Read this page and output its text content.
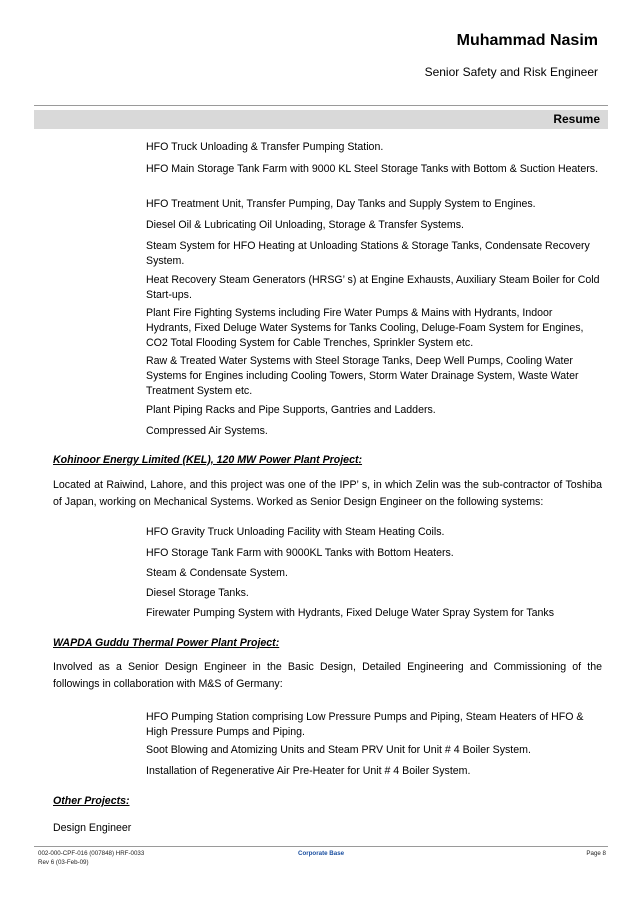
Muhammad Nasim
Senior Safety and Risk Engineer
Resume
HFO Truck Unloading & Transfer Pumping Station.
HFO Main Storage Tank Farm with 9000 KL Steel Storage Tanks with Bottom & Suction Heaters.
HFO Treatment Unit, Transfer Pumping, Day Tanks and Supply System to Engines.
Diesel Oil & Lubricating Oil Unloading, Storage & Transfer Systems.
Steam System for HFO Heating at Unloading Stations & Storage Tanks, Condensate Recovery System.
Heat Recovery Steam Generators (HRSG’ s) at Engine Exhausts, Auxiliary Steam Boiler for Cold Start-ups.
Plant Fire Fighting Systems including Fire Water Pumps & Mains with Hydrants, Indoor Hydrants, Fixed Deluge Water Systems for Tanks Cooling, Deluge-Foam System for Engines, CO2 Total Flooding System for Cable Trenches, Sprinkler System etc.
Raw & Treated Water Systems with Steel Storage Tanks, Deep Well Pumps, Cooling Water Systems for Engines including Cooling Towers, Storm Water Drainage System, Waste Water Treatment System etc.
Plant Piping Racks and Pipe Supports, Gantries and Ladders.
Compressed Air Systems.
Kohinoor Energy Limited (KEL), 120 MW Power Plant Project:
Located at Raiwind, Lahore, and this project was one of the IPP’ s, in which Zelin was the sub-contractor of Toshiba of Japan, working on Mechanical Systems. Worked as Senior Design Engineer on the following systems:
HFO Gravity Truck Unloading Facility with Steam Heating Coils.
HFO Storage Tank Farm with 9000KL Tanks with Bottom Heaters.
Steam & Condensate System.
Diesel Storage Tanks.
Firewater Pumping System with Hydrants, Fixed Deluge Water Spray System for Tanks
WAPDA Guddu Thermal Power Plant Project:
Involved as a Senior Design Engineer in the Basic Design, Detailed Engineering and Commissioning of the followings in collaboration with M&S of Germany:
HFO Pumping Station comprising Low Pressure Pumps and Piping, Steam Heaters of HFO & High Pressure Pumps and Piping.
Soot Blowing and Atomizing Units and Steam PRV Unit for Unit # 4 Boiler System.
Installation of Regenerative Air Pre-Heater for Unit # 4 Boiler System.
Other Projects:
Design Engineer
002-000-CPF-016 (007848) HRF-0033
Rev 6 (03-Feb-09)
Corporate Base	Page 8
